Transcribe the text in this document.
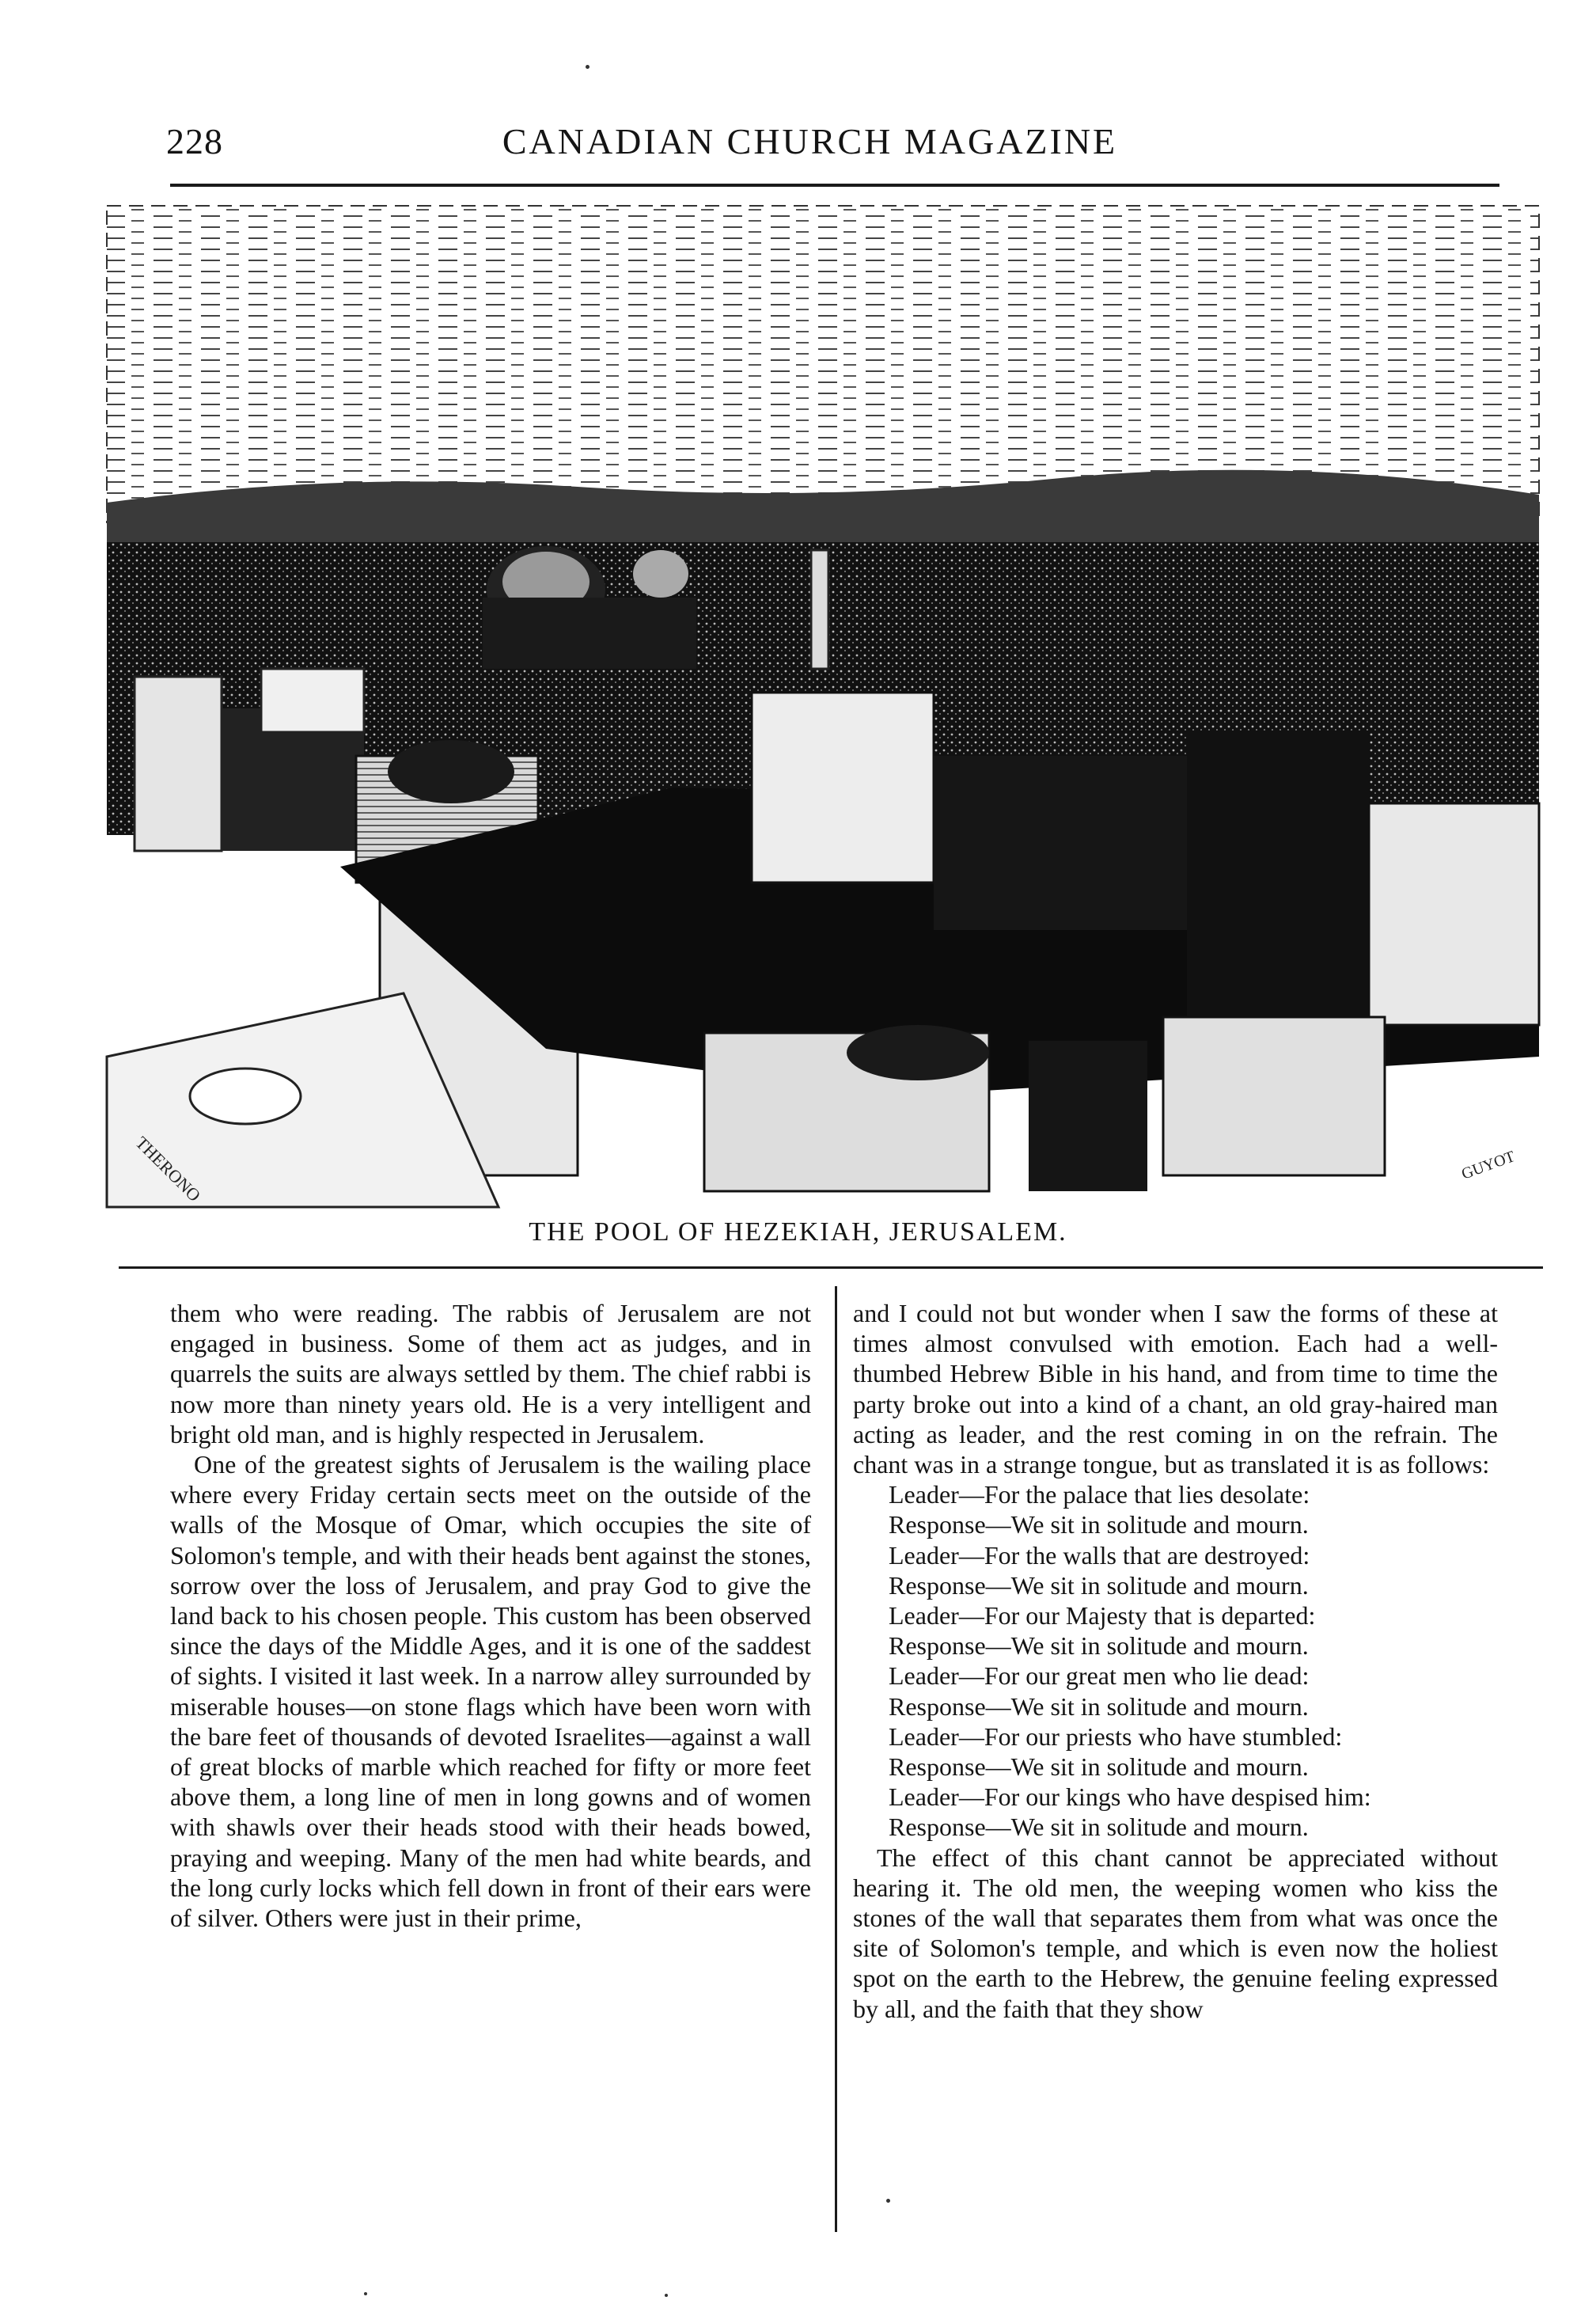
228	CANADIAN CHURCH MAGAZINE
THERONO	GUYOT
THE POOL OF HEZEKIAH, JERUSALEM.

them who were reading. The rabbis of Jerusalem are not engaged in business. Some of them act as judges, and in quarrels the suits are always settled by them. The chief rabbi is now more than ninety years old. He is a very intelligent and bright old man, and is highly respected in Jerusalem.

One of the greatest sights of Jerusalem is the wailing place where every Friday certain sects meet on the outside of the walls of the Mosque of Omar, which occupies the site of Solomon's temple, and with their heads bent against the stones, sorrow over the loss of Jerusalem, and pray God to give the land back to his chosen people. This custom has been observed since the days of the Middle Ages, and it is one of the saddest of sights. I visited it last week. In a narrow alley surrounded by miserable houses—on stone flags which have been worn with the bare feet of thousands of devoted Israelites—against a wall of great blocks of marble which reached for fifty or more feet above them, a long line of men in long gowns and of women with shawls over their heads stood with their heads bowed, praying and weeping. Many of the men had white beards, and the long curly locks which fell down in front of their ears were of silver. Others were just in their prime,

and I could not but wonder when I saw the forms of these at times almost convulsed with emotion. Each had a well-thumbed Hebrew Bible in his hand, and from time to time the party broke out into a kind of a chant, an old gray-haired man acting as leader, and the rest coming in on the refrain. The chant was in a strange tongue, but as translated it is as follows:

Leader—For the palace that lies desolate:
Response—We sit in solitude and mourn.
Leader—For the walls that are destroyed:
Response—We sit in solitude and mourn.
Leader—For our Majesty that is departed:
Response—We sit in solitude and mourn.
Leader—For our great men who lie dead:
Response—We sit in solitude and mourn.
Leader—For our priests who have stumbled:
Response—We sit in solitude and mourn.
Leader—For our kings who have despised him:
Response—We sit in solitude and mourn.

The effect of this chant cannot be appreciated without hearing it. The old men, the weeping women who kiss the stones of the wall that separates them from what was once the site of Solomon's temple, and which is even now the holiest spot on the earth to the Hebrew, the genuine feeling expressed by all, and the faith that they show
